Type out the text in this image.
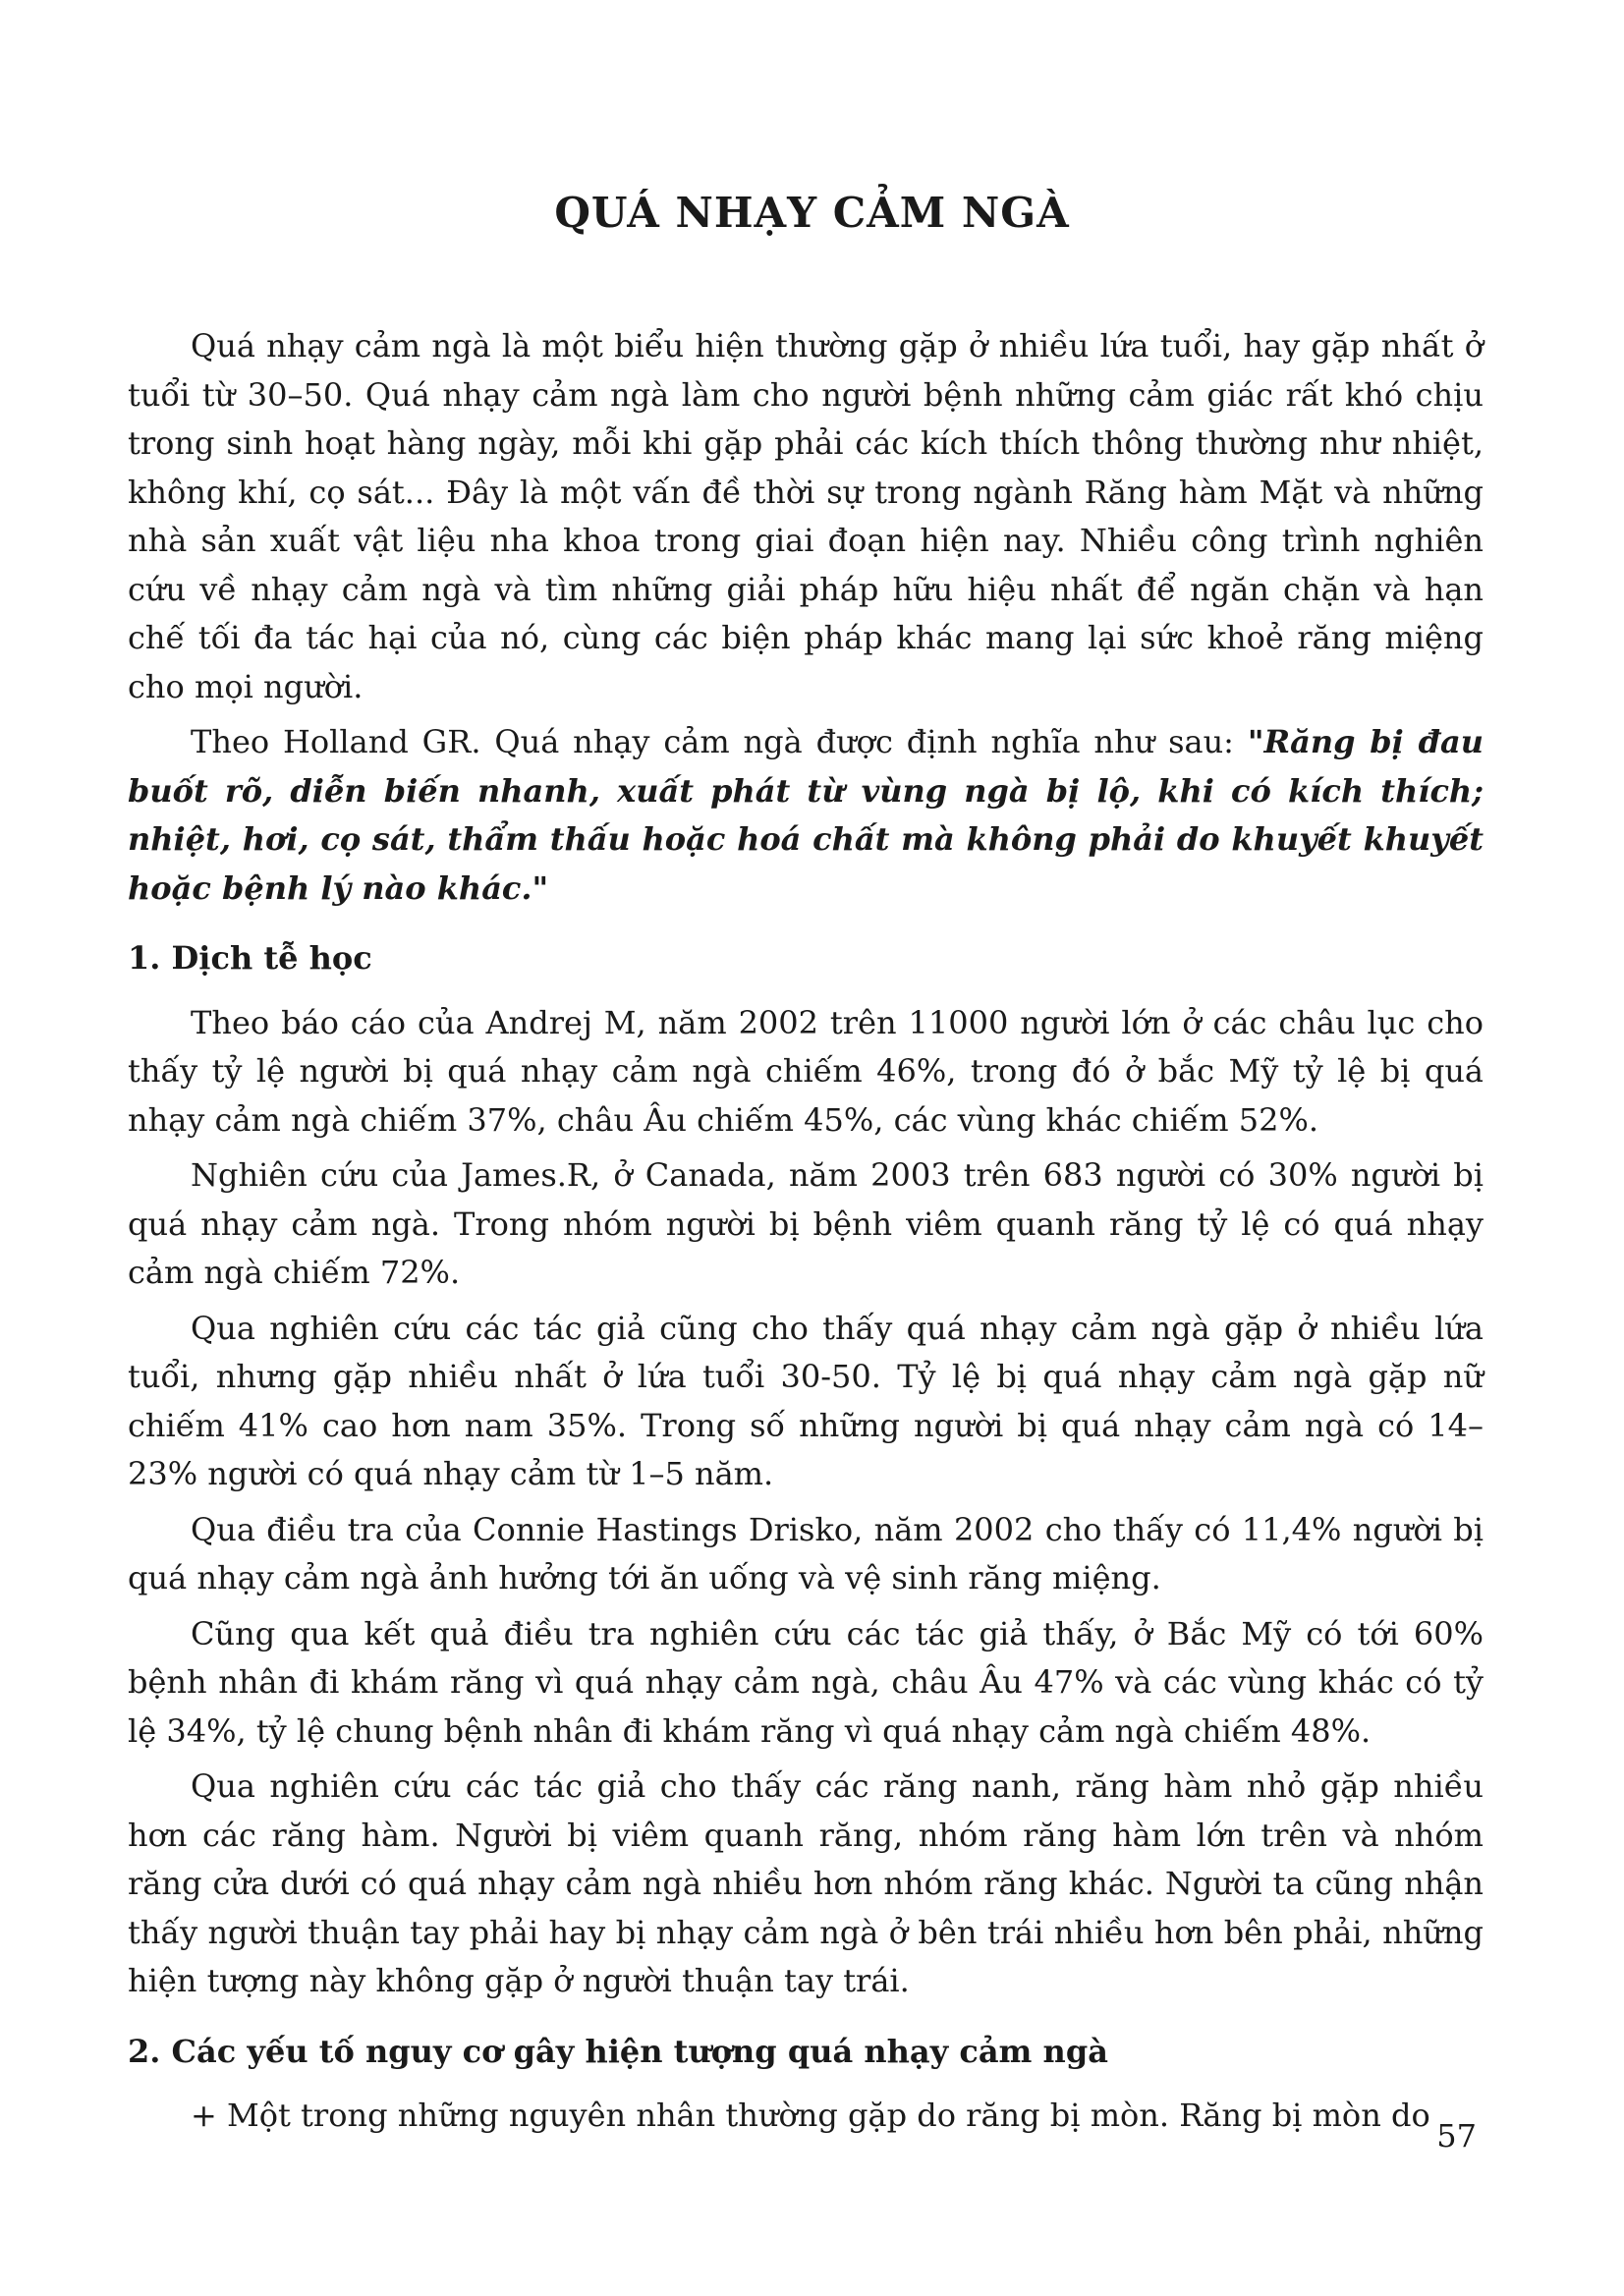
QUÁ NHẠY CẢM NGÀ

Quá nhạy cảm ngà là một biểu hiện thường gặp ở nhiều lứa tuổi, hay gặp nhất ở tuổi từ 30–50. Quá nhạy cảm ngà làm cho người bệnh những cảm giác rất khó chịu trong sinh hoạt hàng ngày, mỗi khi gặp phải các kích thích thông thường như nhiệt, không khí, cọ sát... Đây là một vấn đề thời sự trong ngành Răng hàm Mặt và những nhà sản xuất vật liệu nha khoa trong giai đoạn hiện nay. Nhiều công trình nghiên cứu về nhạy cảm ngà và tìm những giải pháp hữu hiệu nhất để ngăn chặn và hạn chế tối đa tác hại của nó, cùng các biện pháp khác mang lại sức khoẻ răng miệng cho mọi người.

Theo Holland GR. Quá nhạy cảm ngà được định nghĩa như sau: "Răng bị đau buốt rõ, diễn biến nhanh, xuất phát từ vùng ngà bị lộ, khi có kích thích; nhiệt, hơi, cọ sát, thẩm thấu hoặc hoá chất mà không phải do khuyết khuyết hoặc bệnh lý nào khác."

1. Dịch tễ học

Theo báo cáo của Andrej M, năm 2002 trên 11000 người lớn ở các châu lục cho thấy tỷ lệ người bị quá nhạy cảm ngà chiếm 46%, trong đó ở bắc Mỹ tỷ lệ bị quá nhạy cảm ngà chiếm 37%, châu Âu chiếm 45%, các vùng khác chiếm 52%.

Nghiên cứu của James.R, ở Canada, năm 2003 trên 683 người có 30% người bị quá nhạy cảm ngà. Trong nhóm người bị bệnh viêm quanh răng tỷ lệ có quá nhạy cảm ngà chiếm 72%.

Qua nghiên cứu các tác giả cũng cho thấy quá nhạy cảm ngà gặp ở nhiều lứa tuổi, nhưng gặp nhiều nhất ở lứa tuổi 30-50. Tỷ lệ bị quá nhạy cảm ngà gặp nữ chiếm 41% cao hơn nam 35%. Trong số những người bị quá nhạy cảm ngà có 14–23% người có quá nhạy cảm từ 1–5 năm.

Qua điều tra của Connie Hastings Drisko, năm 2002 cho thấy có 11,4% người bị quá nhạy cảm ngà ảnh hưởng tới ăn uống và vệ sinh răng miệng.

Cũng qua kết quả điều tra nghiên cứu các tác giả thấy, ở Bắc Mỹ có tới 60% bệnh nhân đi khám răng vì quá nhạy cảm ngà, châu Âu 47% và các vùng khác có tỷ lệ 34%, tỷ lệ chung bệnh nhân đi khám răng vì quá nhạy cảm ngà chiếm 48%.

Qua nghiên cứu các tác giả cho thấy các răng nanh, răng hàm nhỏ gặp nhiều hơn các răng hàm. Người bị viêm quanh răng, nhóm răng hàm lớn trên và nhóm răng cửa dưới có quá nhạy cảm ngà nhiều hơn nhóm răng khác. Người ta cũng nhận thấy người thuận tay phải hay bị nhạy cảm ngà ở bên trái nhiều hơn bên phải, những hiện tượng này không gặp ở người thuận tay trái.

2. Các yếu tố nguy cơ gây hiện tượng quá nhạy cảm ngà

+ Một trong những nguyên nhân thường gặp do răng bị mòn. Răng bị mòn do

57
